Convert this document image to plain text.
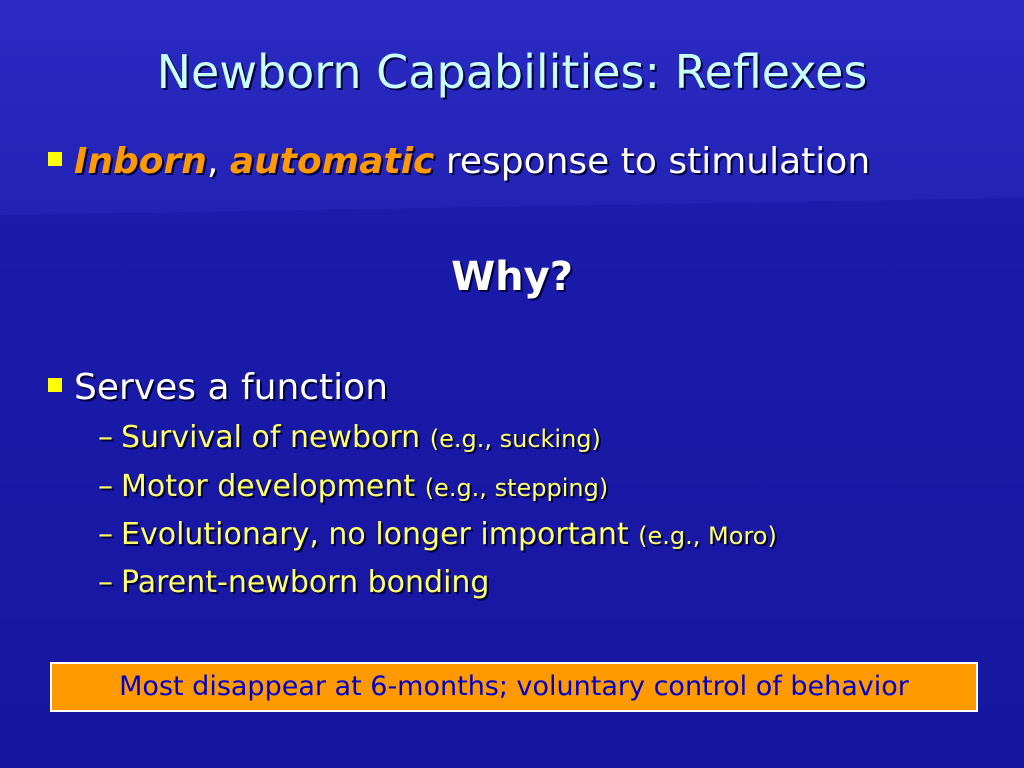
Newborn Capabilities: Reflexes
Inborn, automatic response to stimulation
Why?
Serves a function
– Survival of newborn (e.g., sucking)
– Motor development (e.g., stepping)
– Evolutionary, no longer important (e.g., Moro)
– Parent-newborn bonding
Most disappear at 6-months; voluntary control of behavior
